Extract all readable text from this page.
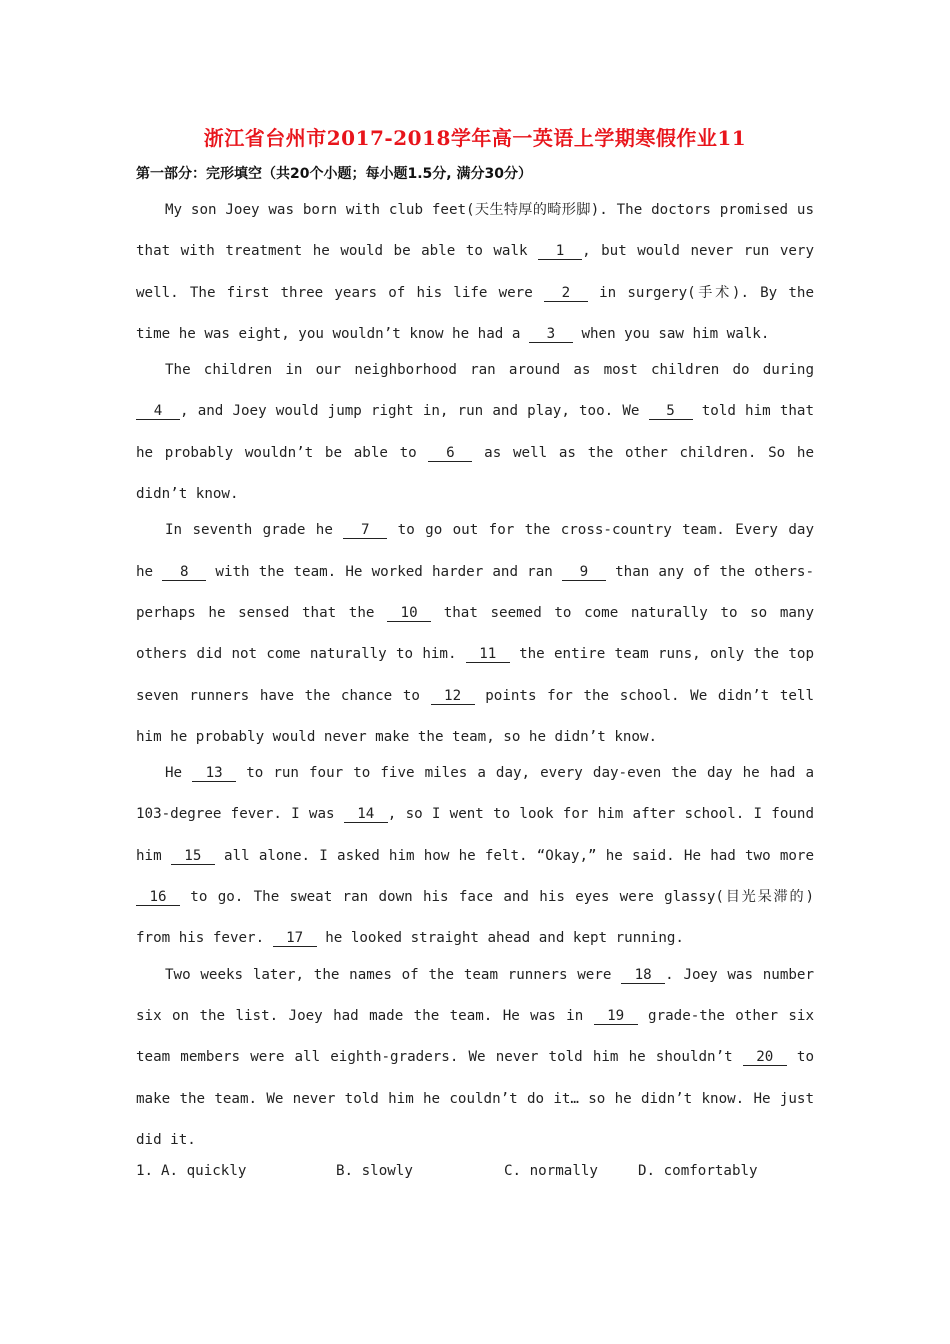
浙江省台州市2017-2018学年高一英语上学期寒假作业11
第一部分：完形填空（共20个小题；每小题1.5分, 满分30分）

My son Joey was born with club feet(天生特厚的畸形脚). The doctors promised us that with treatment he would be able to walk 1 , but would never run very well. The first three years of his life were 2 in surgery(手术). By the time he was eight, you wouldn’t know he had a 3 when you saw him walk.

The children in our neighborhood ran around as most children do during 4 , and Joey would jump right in, run and play, too. We 5 told him that he probably wouldn’t be able to 6 as well as the other children. So he didn’t know.

In seventh grade he 7 to go out for the cross-country team. Every day he 8 with the team. He worked harder and ran 9 than any of the others-perhaps he sensed that the 10 that seemed to come naturally to so many others did not come naturally to him. 11 the entire team runs, only the top seven runners have the chance to 12 points for the school. We didn’t tell him he probably would never make the team, so he didn’t know.

He 13 to run four to five miles a day, every day-even the day he had a 103-degree fever. I was 14 , so I went to look for him after school. I found him 15 all alone. I asked him how he felt. “Okay,” he said. He had two more 16 to go. The sweat ran down his face and his eyes were glassy(目光呆滞的) from his fever. 17 he looked straight ahead and kept running.

Two weeks later, the names of the team runners were 18 . Joey was number six on the list. Joey had made the team. He was in 19 grade-the other six team members were all eighth-graders. We never told him he shouldn’t 20 to make the team. We never told him he couldn’t do it… so he didn’t know. He just did it.

1. A. quickly	B. slowly	C. normally	D. comfortably
